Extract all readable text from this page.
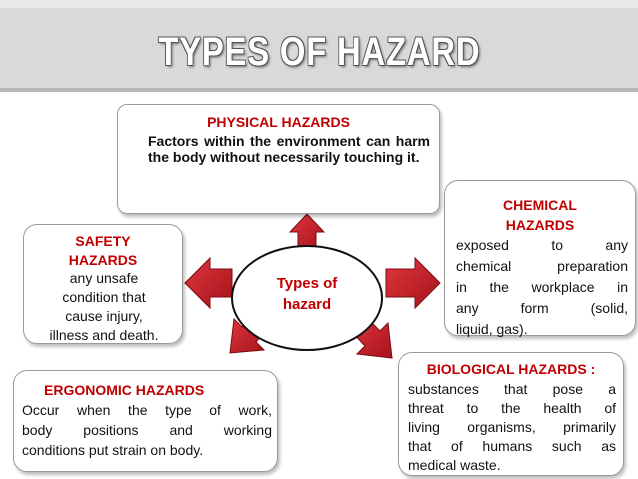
TYPES OF HAZARD
Types of
hazard
PHYSICAL HAZARDS
Factors within the environment can harm the body without necessarily touching it.
CHEMICAL
HAZARDS
exposed to any
chemical preparation
in the workplace in
any form (solid,
liquid, gas).
SAFETY
HAZARDS
any unsafe
condition that
cause injury,
illness and death.
ERGONOMIC HAZARDS
Occur when the type of work,
body positions and working
conditions put strain on body.
BIOLOGICAL HAZARDS :
substances that pose a
threat to the health of
living organisms, primarily
that of humans such as
medical waste.
